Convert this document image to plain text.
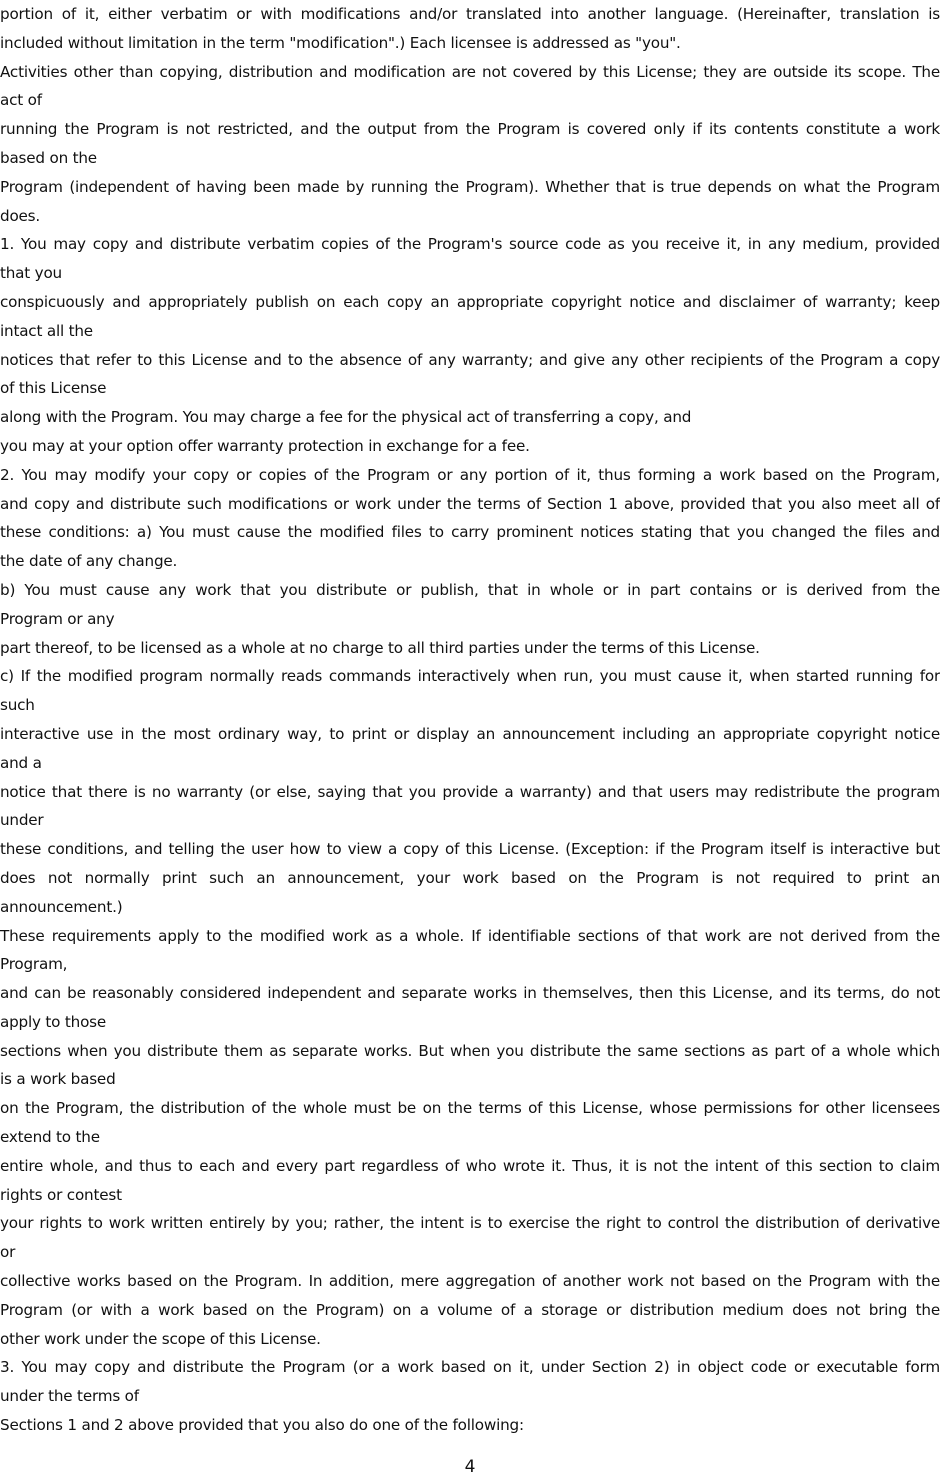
portion of it, either verbatim or with modifications and/or translated into another language. (Hereinafter, translation is
included without limitation in the term "modification".) Each licensee is addressed as "you".
Activities other than copying, distribution and modification are not covered by this License; they are outside its scope. The
act of
running the Program is not restricted, and the output from the Program is covered only if its contents constitute a work
based on the
Program (independent of having been made by running the Program). Whether that is true depends on what the Program
does.
1. You may copy and distribute verbatim copies of the Program's source code as you receive it, in any medium, provided
that you
conspicuously and appropriately publish on each copy an appropriate copyright notice and disclaimer of warranty; keep
intact all the
notices that refer to this License and to the absence of any warranty; and give any other recipients of the Program a copy
of this License
along with the Program. You may charge a fee for the physical act of transferring a copy, and
you may at your option offer warranty protection in exchange for a fee.
2. You may modify your copy or copies of the Program or any portion of it, thus forming a work based on the Program,
and copy and distribute such modifications or work under the terms of Section 1 above, provided that you also meet all of
these conditions: a) You must cause the modified files to carry prominent notices stating that you changed the files and
the date of any change.
b) You must cause any work that you distribute or publish, that in whole or in part contains or is derived from the
Program or any
part thereof, to be licensed as a whole at no charge to all third parties under the terms of this License.
c) If the modified program normally reads commands interactively when run, you must cause it, when started running for
such
interactive use in the most ordinary way, to print or display an announcement including an appropriate copyright notice
and a
notice that there is no warranty (or else, saying that you provide a warranty) and that users may redistribute the program
under
these conditions, and telling the user how to view a copy of this License. (Exception: if the Program itself is interactive but
does not normally print such an announcement, your work based on the Program is not required to print an
announcement.)
These requirements apply to the modified work as a whole. If identifiable sections of that work are not derived from the
Program,
and can be reasonably considered independent and separate works in themselves, then this License, and its terms, do not
apply to those
sections when you distribute them as separate works. But when you distribute the same sections as part of a whole which
is a work based
on the Program, the distribution of the whole must be on the terms of this License, whose permissions for other licensees
extend to the
entire whole, and thus to each and every part regardless of who wrote it. Thus, it is not the intent of this section to claim
rights or contest
your rights to work written entirely by you; rather, the intent is to exercise the right to control the distribution of derivative
or
collective works based on the Program. In addition, mere aggregation of another work not based on the Program with the
Program (or with a work based on the Program) on a volume of a storage or distribution medium does not bring the
other work under the scope of this License.
3. You may copy and distribute the Program (or a work based on it, under Section 2) in object code or executable form
under the terms of
Sections 1 and 2 above provided that you also do one of the following:
4
